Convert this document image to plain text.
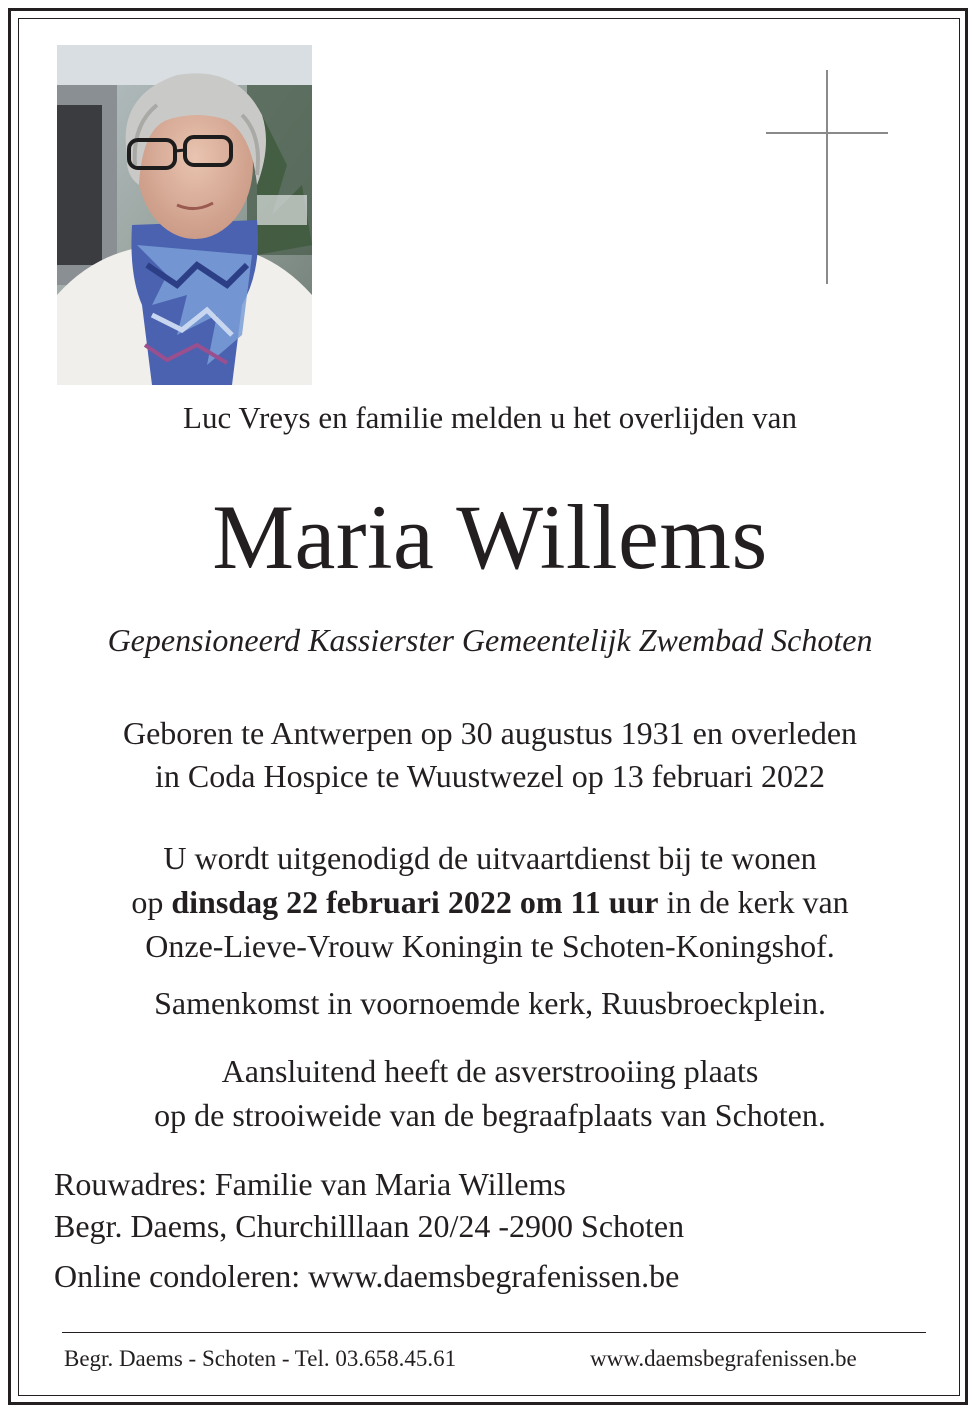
Luc Vreys en familie melden u het overlijden van
Maria Willems
Gepensioneerd Kassierster Gemeentelijk Zwembad Schoten
Geboren te Antwerpen op 30 augustus 1931 en overleden
in Coda Hospice te Wuustwezel op 13 februari 2022
U wordt uitgenodigd de uitvaartdienst bij te wonen
op dinsdag 22 februari 2022 om 11 uur in de kerk van
Onze-Lieve-Vrouw Koningin te Schoten-Koningshof.
Samenkomst in voornoemde kerk, Ruusbroeckplein.
Aansluitend heeft de asverstrooiing plaats
op de strooiweide van de begraafplaats van Schoten.
Rouwadres: Familie van Maria Willems
Begr. Daems, Churchilllaan 20/24 -2900 Schoten
Online condoleren: www.daemsbegrafenissen.be
Begr. Daems - Schoten - Tel. 03.658.45.61	www.daemsbegrafenissen.be
